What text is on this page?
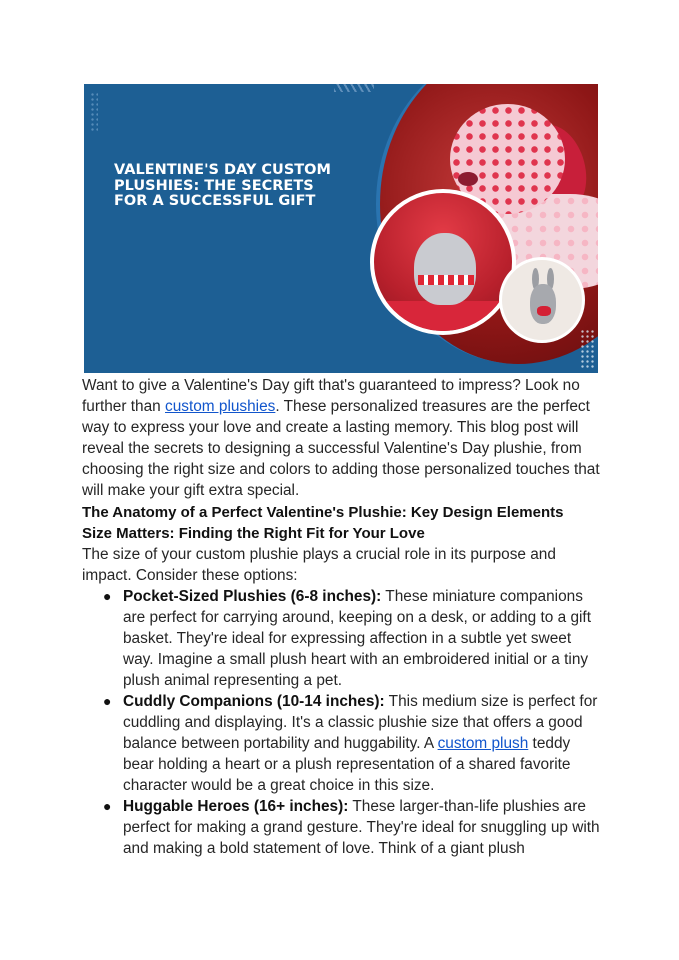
VALENTINE'S DAY CUSTOM PLUSHIES: THE SECRETS FOR A SUCCESSFUL GIFT

Want to give a Valentine's Day gift that's guaranteed to impress? Look no further than custom plushies. These personalized treasures are the perfect way to express your love and create a lasting memory. This blog post will reveal the secrets to designing a successful Valentine's Day plushie, from choosing the right size and colors to adding those personalized touches that will make your gift extra special.

The Anatomy of a Perfect Valentine's Plushie: Key Design Elements
Size Matters: Finding the Right Fit for Your Love

The size of your custom plushie plays a crucial role in its purpose and impact. Consider these options:

● Pocket-Sized Plushies (6-8 inches): These miniature companions are perfect for carrying around, keeping on a desk, or adding to a gift basket. They're ideal for expressing affection in a subtle yet sweet way. Imagine a small plush heart with an embroidered initial or a tiny plush animal representing a pet.
● Cuddly Companions (10-14 inches): This medium size is perfect for cuddling and displaying. It's a classic plushie size that offers a good balance between portability and huggability. A custom plush teddy bear holding a heart or a plush representation of a shared favorite character would be a great choice in this size.
● Huggable Heroes (16+ inches): These larger-than-life plushies are perfect for making a grand gesture. They're ideal for snuggling up with and making a bold statement of love. Think of a giant plush
